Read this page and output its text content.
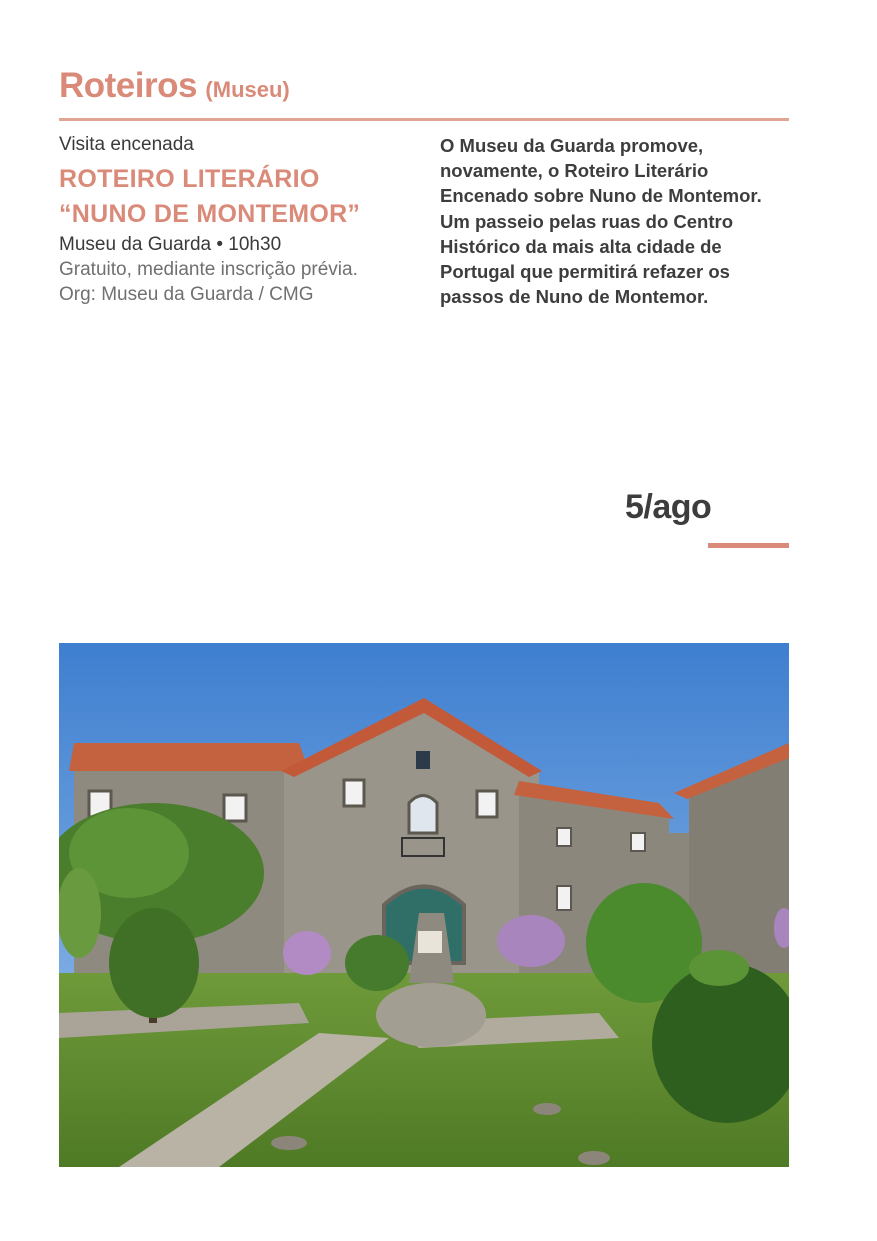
Roteiros (Museu)
Visita encenada
ROTEIRO LITERÁRIO
“NUNO DE MONTEMOR”
Museu da Guarda • 10h30
Gratuito, mediante inscrição prévia.
Org: Museu da Guarda / CMG
O Museu da Guarda promove,
novamente, o Roteiro Literário
Encenado sobre Nuno de Montemor.
Um passeio pelas ruas do Centro
Histórico da mais alta cidade de
Portugal que permitirá refazer os
passos de Nuno de Montemor.
5/ago
